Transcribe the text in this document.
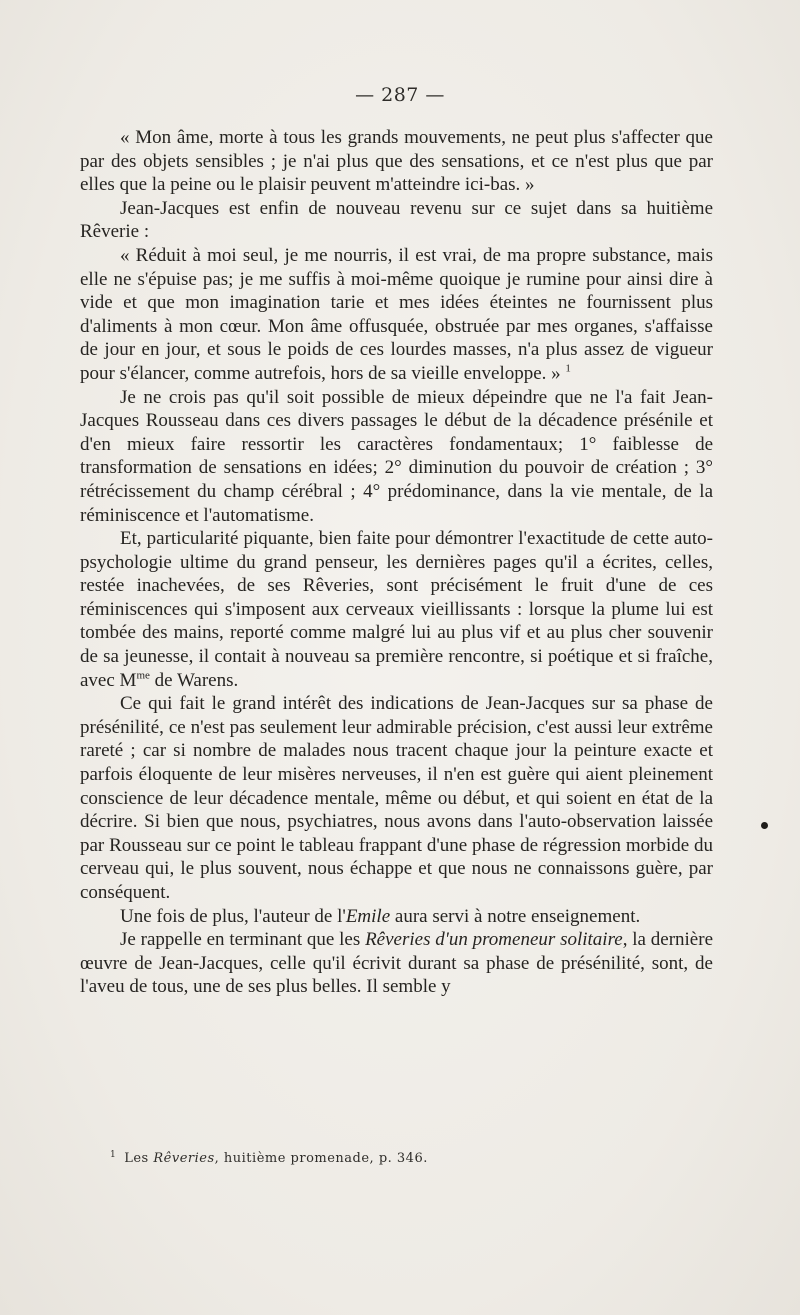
— 287 —

« Mon âme, morte à tous les grands mouvements, ne peut plus s'affecter que par des objets sensibles ; je n'ai plus que des sensations, et ce n'est plus que par elles que la peine ou le plaisir peuvent m'atteindre ici-bas. »

Jean-Jacques est enfin de nouveau revenu sur ce sujet dans sa huitième Rêverie :

« Réduit à moi seul, je me nourris, il est vrai, de ma propre substance, mais elle ne s'épuise pas; je me suffis à moi-même quoique je rumine pour ainsi dire à vide et que mon imagination tarie et mes idées éteintes ne fournissent plus d'aliments à mon cœur. Mon âme offusquée, obstruée par mes organes, s'affaisse de jour en jour, et sous le poids de ces lourdes masses, n'a plus assez de vigueur pour s'élancer, comme autrefois, hors de sa vieille enveloppe. » $^1$

Je ne crois pas qu'il soit possible de mieux dépeindre que ne l'a fait Jean-Jacques Rousseau dans ces divers passages le début de la décadence présénile et d'en mieux faire ressortir les caractères fondamentaux; 1° faiblesse de transformation de sensations en idées; 2° diminution du pouvoir de création ; 3° rétrécissement du champ cérébral ; 4° prédominance, dans la vie mentale, de la réminiscence et l'automatisme.

Et, particularité piquante, bien faite pour démontrer l'exactitude de cette auto-psychologie ultime du grand penseur, les dernières pages qu'il a écrites, celles, restée inachevées, de ses Rêveries, sont précisément le fruit d'une de ces réminiscences qui s'imposent aux cerveaux vieillissants : lorsque la plume lui est tombée des mains, reporté comme malgré lui au plus vif et au plus cher souvenir de sa jeunesse, il contait à nouveau sa première rencontre, si poétique et si fraîche, avec $M^{me}$ de Warens.

Ce qui fait le grand intérêt des indications de Jean-Jacques sur sa phase de présénilité, ce n'est pas seulement leur admirable précision, c'est aussi leur extrême rareté ; car si nombre de malades nous tracent chaque jour la peinture exacte et parfois éloquente de leur misères nerveuses, il n'en est guère qui aient pleinement conscience de leur décadence mentale, même ou début, et qui soient en état de la décrire. Si bien que nous, psychiatres, nous avons dans l'auto-observation laissée par Rousseau sur ce point le tableau frappant d'une phase de régression morbide du cerveau qui, le plus souvent, nous échappe et que nous ne connaissons guère, par conséquent.

Une fois de plus, l'auteur de l'Emile aura servi à notre enseignement.

Je rappelle en terminant que les Rêveries d'un promeneur solitaire, la dernière œuvre de Jean-Jacques, celle qu'il écrivit durant sa phase de présénilité, sont, de l'aveu de tous, une de ses plus belles. Il semble y

$^1$ Les Rêveries, huitième promenade, p. 346.
